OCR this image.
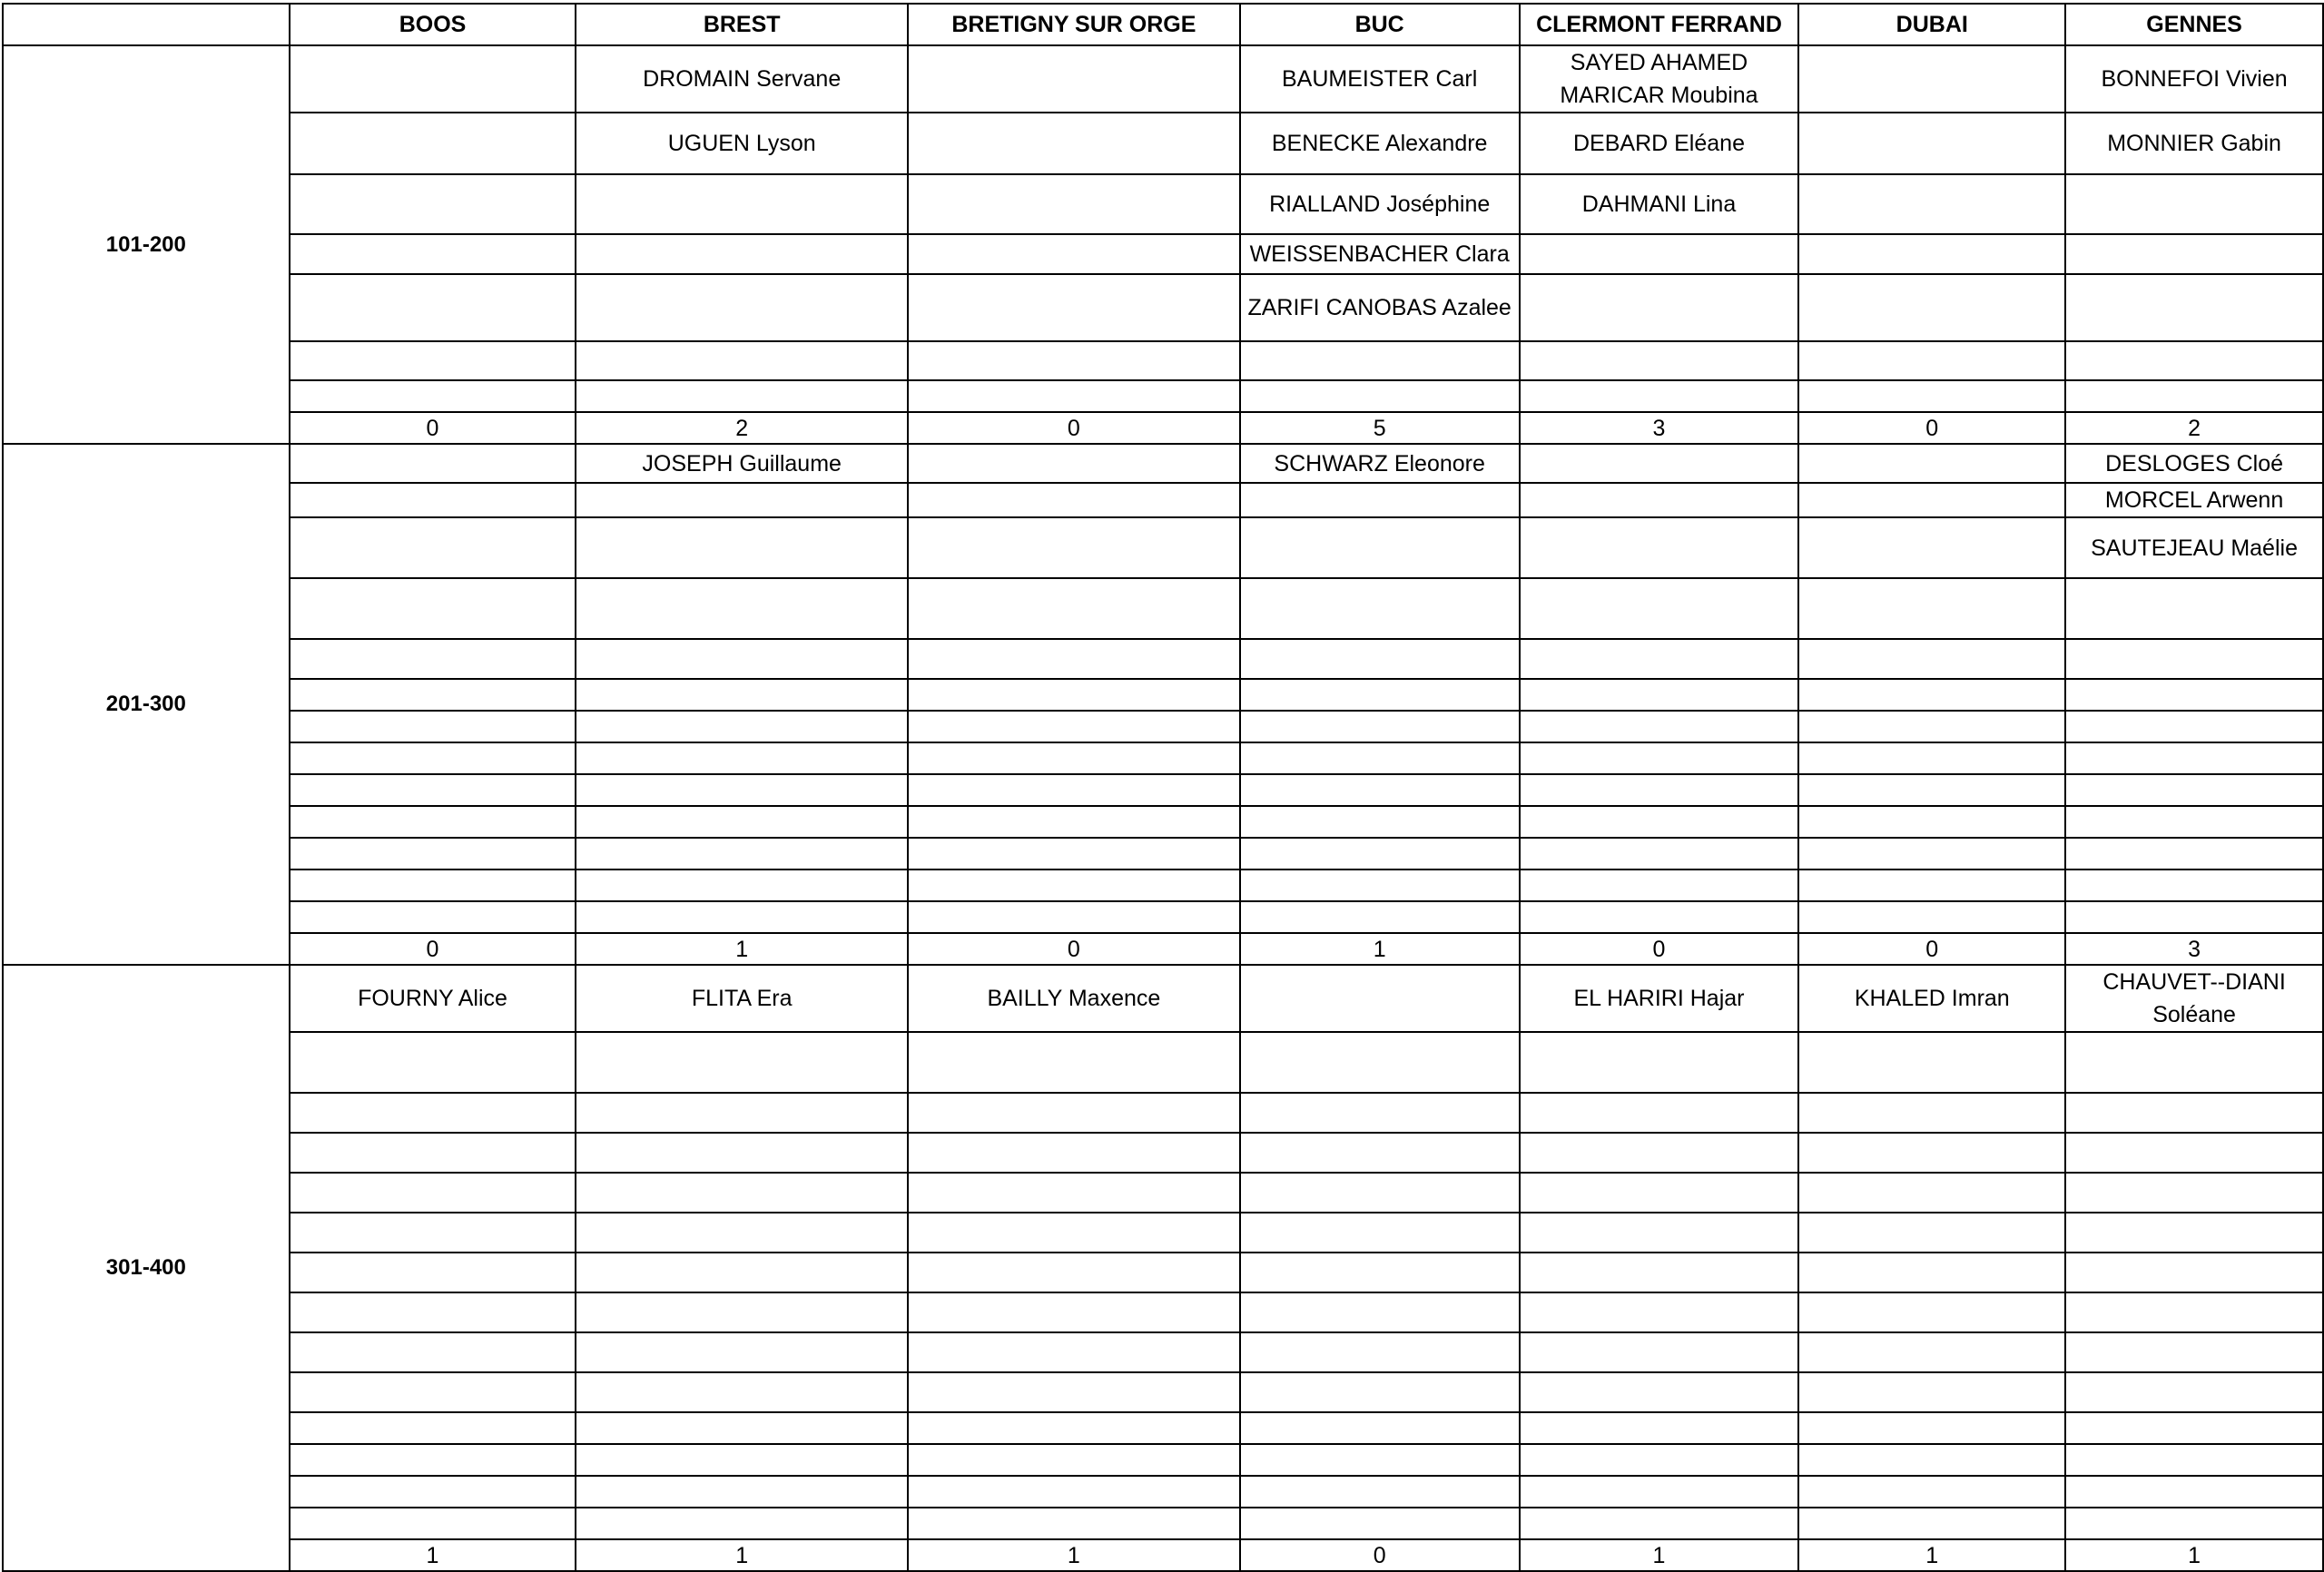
	BOOS	BREST	BRETIGNY SUR ORGE	BUC	CLERMONT FERRAND	DUBAI	GENNES
101-200		DROMAIN Servane		BAUMEISTER Carl	SAYED AHAMED MARICAR Moubina		BONNEFOI Vivien
		UGUEN Lyson		BENECKE Alexandre	DEBARD Eléane		MONNIER Gabin
				RIALLAND Joséphine	DAHMANI Lina		
				WEISSENBACHER Clara			
				ZARIFI CANOBAS Azalee			

	0	2	0	5	3	0	2
201-300		JOSEPH Guillaume		SCHWARZ Eleonore			DESLOGES Cloé
							MORCEL Arwenn
							SAUTEJEAU Maélie

	0	1	0	1	0	0	3
301-400	FOURNY Alice	FLITA Era	BAILLY Maxence		EL HARIRI Hajar	KHALED Imran	CHAUVET--DIANI Soléane

	1	1	1	0	1	1	1
